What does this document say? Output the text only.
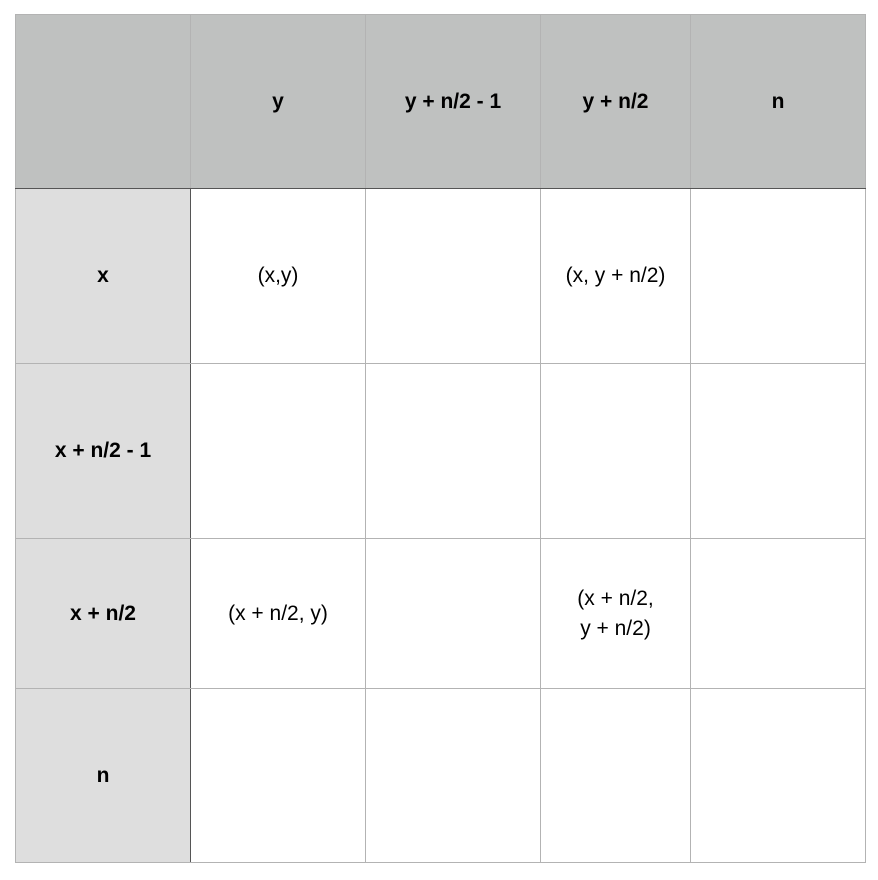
	y	y + n/2 - 1	y + n/2	n
x	(x,y)		(x, y + n/2)	
x + n/2 - 1				
x + n/2	(x + n/2, y)		(x + n/2,
y + n/2)	

n				
